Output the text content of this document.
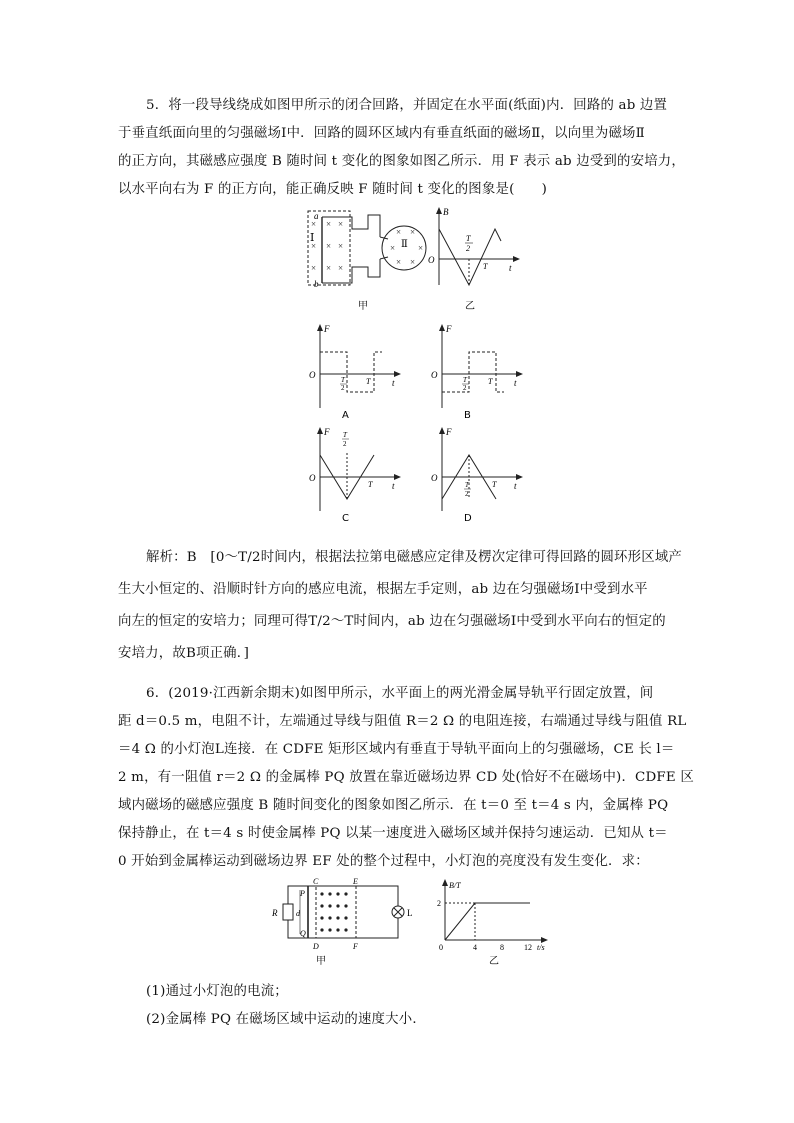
5．将一段导线绕成如图甲所示的闭合回路，并固定在水平面(纸面)内．回路的 ab 边置
于垂直纸面向里的匀强磁场Ⅰ中．回路的圆环区域内有垂直纸面的磁场Ⅱ，以向里为磁场Ⅱ
的正方向，其磁感应强度 B 随时间 t 变化的图象如图乙所示．用 F 表示 ab 边受到的安培力，
以水平向右为 F 的正方向，能正确反映 F 随时间 t 变化的图象是(　　)
×
×
×
× ×
× ×
× ×
× ×
×	×
× ×
a
b
Ⅰ
Ⅱ
甲
B
O
t
T
2
T
乙
F
O
t
T
2
T
A
F
O
t
T
2
T
B
F
O
t
T
2
T
C
F
O
t
T
2
T
D
解析：B　[0～T/2时间内，根据法拉第电磁感应定律及楞次定律可得回路的圆环形区域产
生大小恒定的、沿顺时针方向的感应电流，根据左手定则，ab 边在匀强磁场Ⅰ中受到水平
向左的恒定的安培力；同理可得T/2～T时间内，ab 边在匀强磁场Ⅰ中受到水平向右的恒定的
安培力，故B项正确．]
6．(2019·江西新余期末)如图甲所示，水平面上的两光滑金属导轨平行固定放置，间
距 d＝0.5 m，电阻不计，左端通过导线与阻值 R＝2 Ω 的电阻连接，右端通过导线与阻值 RL
＝4 Ω 的小灯泡L连接．在 CDFE 矩形区域内有垂直于导轨平面向上的匀强磁场，CE 长 l＝
2 m，有一阻值 r＝2 Ω 的金属棒 PQ 放置在靠近磁场边界 CD 处(恰好不在磁场中)．CDFE 区
域内磁场的磁感应强度 B 随时间变化的图象如图乙所示．在 t＝0 至 t＝4 s 内，金属棒 PQ
保持静止，在 t＝4 s 时使金属棒 PQ 以某一速度进入磁场区域并保持匀速运动．已知从 t＝
0 开始到金属棒运动到磁场边界 EF 处的整个过程中，小灯泡的亮度没有发生变化．求：
R d
P
Q
C	E
D	F
L
甲
B/T
2
0	4	8	12 t/s
乙
(1)通过小灯泡的电流；
(2)金属棒 PQ 在磁场区域中运动的速度大小．
